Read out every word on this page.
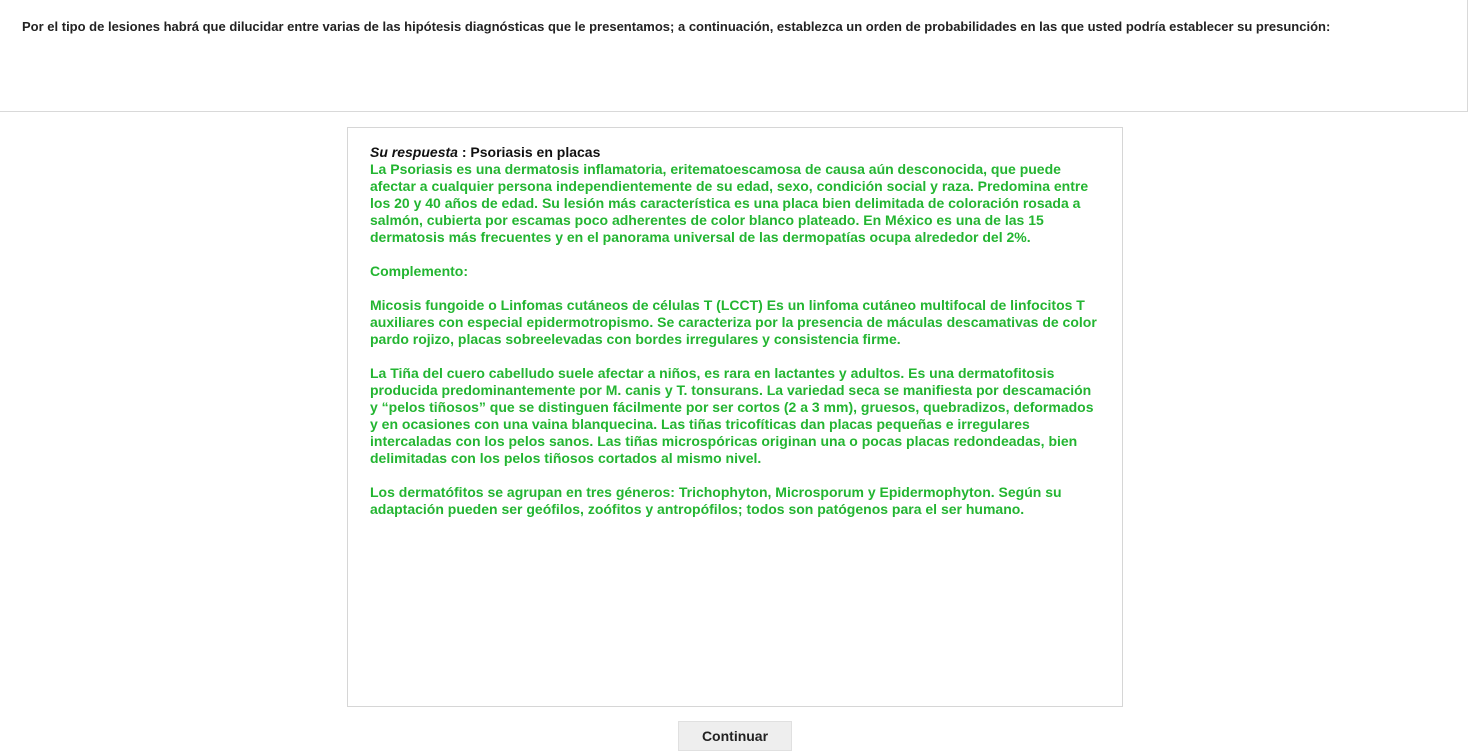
Por el tipo de lesiones habrá que dilucidar entre varias de las hipótesis diagnósticas que le presentamos; a continuación, establezca un orden de probabilidades en las que usted podría establecer su presunción:

Su respuesta : Psoriasis en placas

La Psoriasis es una dermatosis inflamatoria, eritematoescamosa de causa aún desconocida, que puede afectar a cualquier persona independientemente de su edad, sexo, condición social y raza. Predomina entre los 20 y 40 años de edad. Su lesión más característica es una placa bien delimitada de coloración rosada a salmón, cubierta por escamas poco adherentes de color blanco plateado. En México es una de las 15 dermatosis más frecuentes y en el panorama universal de las dermopatías ocupa alrededor del 2%.

Complemento:

Micosis fungoide o Linfomas cutáneos de células T (LCCT) Es un linfoma cutáneo multifocal de linfocitos T auxiliares con especial epidermotropismo. Se caracteriza por la presencia de máculas descamativas de color pardo rojizo, placas sobreelevadas con bordes irregulares y consistencia firme.

La Tiña del cuero cabelludo suele afectar a niños, es rara en lactantes y adultos. Es una dermatofitosis producida predominantemente por M. canis y T. tonsurans. La variedad seca se manifiesta por descamación y “pelos tiñosos” que se distinguen fácilmente por ser cortos (2 a 3 mm), gruesos, quebradizos, deformados y en ocasiones con una vaina blanquecina. Las tiñas tricofíticas dan placas pequeñas e irregulares intercaladas con los pelos sanos. Las tiñas microspóricas originan una o pocas placas redondeadas, bien delimitadas con los pelos tiñosos cortados al mismo nivel.

Los dermatófitos se agrupan en tres géneros: Trichophyton, Microsporum y Epidermophyton. Según su adaptación pueden ser geófilos, zoófitos y antropófilos; todos son patógenos para el ser humano.

Continuar
